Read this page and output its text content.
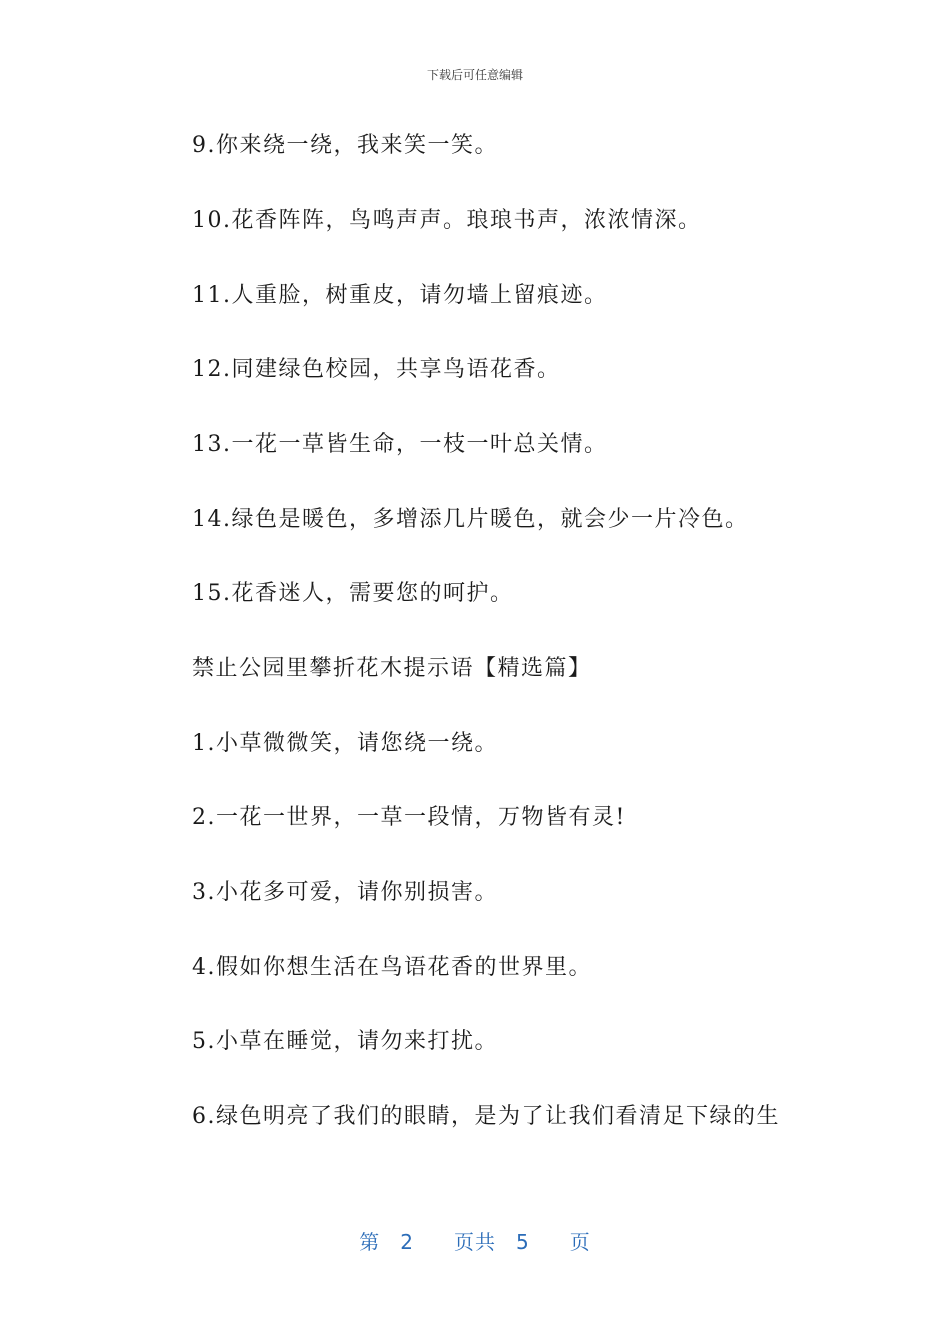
下载后可任意编辑
9.你来绕一绕，我来笑一笑。
10.花香阵阵，鸟鸣声声。琅琅书声，浓浓情深。
11.人重脸，树重皮，请勿墙上留痕迹。
12.同建绿色校园，共享鸟语花香。
13.一花一草皆生命，一枝一叶总关情。
14.绿色是暖色，多增添几片暖色，就会少一片冷色。
15.花香迷人，需要您的呵护。
禁止公园里攀折花木提示语【精选篇】
1.小草微微笑，请您绕一绕。
2.一花一世界，一草一段情，万物皆有灵!
3.小花多可爱，请你别损害。
4.假如你想生活在鸟语花香的世界里。
5.小草在睡觉，请勿来打扰。
6.绿色明亮了我们的眼睛，是为了让我们看清足下绿的生
第 2 页共 5 页
